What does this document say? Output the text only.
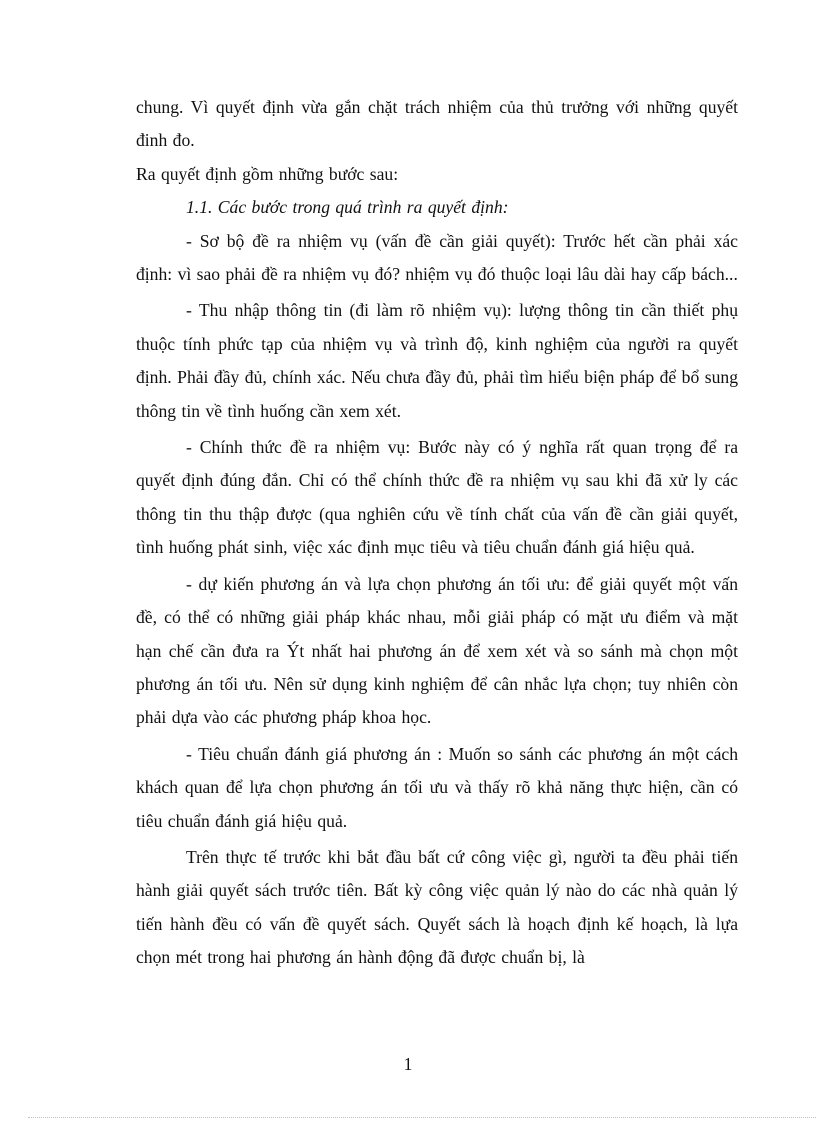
chung. Vì quyết định vừa gắn chặt trách nhiệm của thủ trưởng với những quyết đinh đo.

Ra quyết định gồm những bước sau:

1.1. Các bước trong quá trình ra quyết định:

- Sơ bộ đề ra nhiệm vụ (vấn đề cần giải quyết): Trước hết cần phải xác định: vì sao phải đề ra nhiệm vụ đó? nhiệm vụ đó thuộc loại lâu dài hay cấp bách...

- Thu nhập thông tin (đi làm rõ nhiệm vụ): lượng thông tin cần thiết phụ thuộc tính phức tạp của nhiệm vụ và trình độ, kinh nghiệm của người ra quyết định. Phải đầy đủ, chính xác. Nếu chưa đầy đủ, phải tìm hiểu biện pháp để bổ sung thông tin về tình huống cần xem xét.

- Chính thức đề ra nhiệm vụ: Bước này có ý nghĩa rất quan trọng để ra quyết định đúng đắn. Chỉ có thể chính thức đề ra nhiệm vụ sau khi đã xử ly các thông tin thu thập được (qua nghiên cứu về tính chất của vấn đề cần giải quyết, tình huống phát sinh, việc xác định mục tiêu và tiêu chuẩn đánh giá hiệu quả.

- dự kiến phương án và lựa chọn phương án tối ưu: để giải quyết một vấn đề, có thể có những giải pháp khác nhau, mỗi giải pháp có mặt ưu điểm và mặt hạn chế cần đưa ra Ýt nhất hai phương án để xem xét và so sánh mà chọn một phương án tối ưu. Nên sử dụng kinh nghiệm để cân nhắc lựa chọn; tuy nhiên còn phải dựa vào các phương pháp khoa học.

- Tiêu chuẩn đánh giá phương án : Muốn so sánh các phương án một cách khách quan để lựa chọn phương án tối ưu và thấy rõ khả năng thực hiện, cần có tiêu chuẩn đánh giá hiệu quả.

Trên thực tế trước khi bắt đầu bất cứ công việc gì, người ta đều phải tiến hành giải quyết sách trước tiên. Bất kỳ công việc quản lý nào do các nhà quản lý tiến hành đều có vấn đề quyết sách. Quyết sách là hoạch định kế hoạch, là lựa chọn mét trong hai phương án hành động đã được chuẩn bị, là

1
